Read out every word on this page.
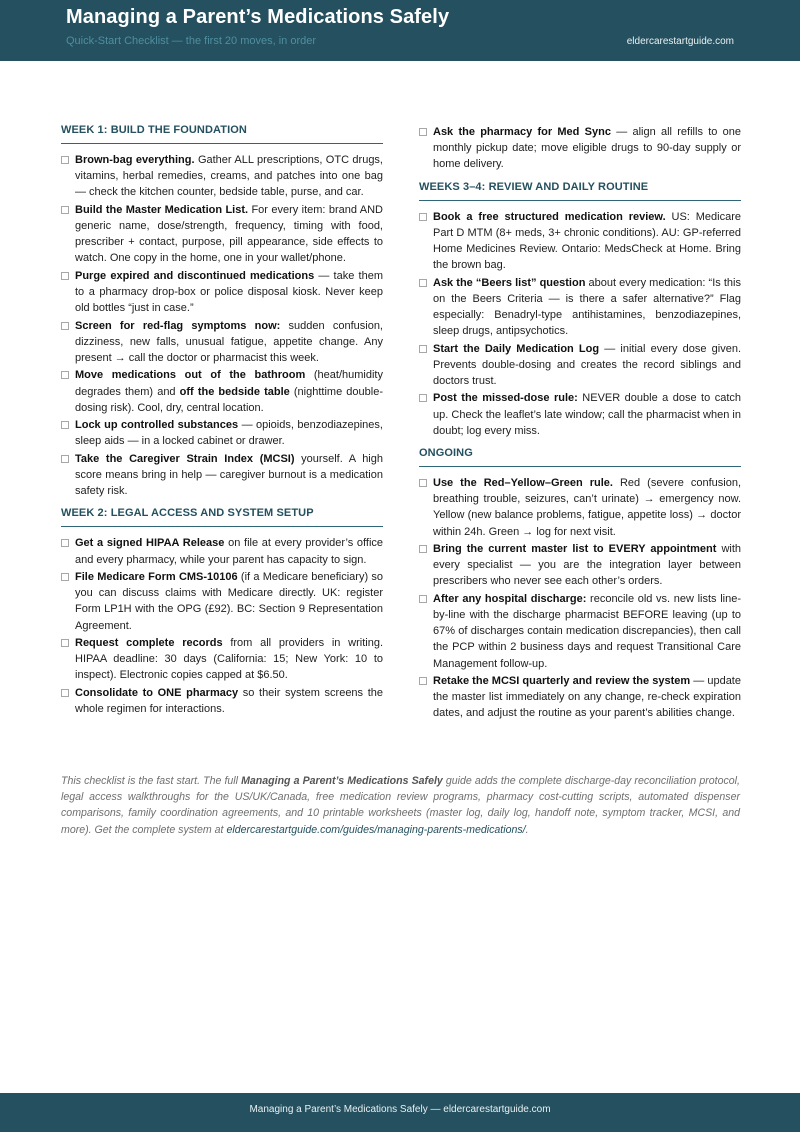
Managing a Parent’s Medications Safely
Quick-Start Checklist — the first 20 moves, in order	eldercarestartguide.com
WEEK 1: BUILD THE FOUNDATION
Brown-bag everything. Gather ALL prescriptions, OTC drugs, vitamins, herbal remedies, creams, and patches into one bag — check the kitchen counter, bedside table, purse, and car.
Build the Master Medication List. For every item: brand AND generic name, dose/strength, frequency, timing with food, prescriber + contact, purpose, pill appearance, side effects to watch. One copy in the home, one in your wallet/phone.
Purge expired and discontinued medications — take them to a pharmacy drop-box or police disposal kiosk. Never keep old bottles “just in case.”
Screen for red-flag symptoms now: sudden confusion, dizziness, new falls, unusual fatigue, appetite change. Any present → call the doctor or pharmacist this week.
Move medications out of the bathroom (heat/humidity degrades them) and off the bedside table (nighttime double-dosing risk). Cool, dry, central location.
Lock up controlled substances — opioids, benzodiazepines, sleep aids — in a locked cabinet or drawer.
Take the Caregiver Strain Index (MCSI) yourself. A high score means bring in help — caregiver burnout is a medication safety risk.
WEEK 2: LEGAL ACCESS AND SYSTEM SETUP
Get a signed HIPAA Release on file at every provider’s office and every pharmacy, while your parent has capacity to sign.
File Medicare Form CMS-10106 (if a Medicare beneficiary) so you can discuss claims with Medicare directly. UK: register Form LP1H with the OPG (£92). BC: Section 9 Representation Agreement.
Request complete records from all providers in writing. HIPAA deadline: 30 days (California: 15; New York: 10 to inspect). Electronic copies capped at $6.50.
Consolidate to ONE pharmacy so their system screens the whole regimen for interactions.
Ask the pharmacy for Med Sync — align all refills to one monthly pickup date; move eligible drugs to 90-day supply or home delivery.
WEEKS 3–4: REVIEW AND DAILY ROUTINE
Book a free structured medication review. US: Medicare Part D MTM (8+ meds, 3+ chronic conditions). AU: GP-referred Home Medicines Review. Ontario: MedsCheck at Home. Bring the brown bag.
Ask the “Beers list” question about every medication: “Is this on the Beers Criteria — is there a safer alternative?” Flag especially: Benadryl-type antihistamines, benzodiazepines, sleep drugs, antipsychotics.
Start the Daily Medication Log — initial every dose given. Prevents double-dosing and creates the record siblings and doctors trust.
Post the missed-dose rule: NEVER double a dose to catch up. Check the leaflet’s late window; call the pharmacist when in doubt; log every miss.
ONGOING
Use the Red–Yellow–Green rule. Red (severe confusion, breathing trouble, seizures, can’t urinate) → emergency now. Yellow (new balance problems, fatigue, appetite loss) → doctor within 24h. Green → log for next visit.
Bring the current master list to EVERY appointment with every specialist — you are the integration layer between prescribers who never see each other’s orders.
After any hospital discharge: reconcile old vs. new lists line-by-line with the discharge pharmacist BEFORE leaving (up to 67% of discharges contain medication discrepancies), then call the PCP within 2 business days and request Transitional Care Management follow-up.
Retake the MCSI quarterly and review the system — update the master list immediately on any change, re-check expiration dates, and adjust the routine as your parent’s abilities change.
This checklist is the fast start. The full Managing a Parent’s Medications Safely guide adds the complete discharge-day reconciliation protocol, legal access walkthroughs for the US/UK/Canada, free medication review programs, pharmacy cost-cutting scripts, automated dispenser comparisons, family coordination agreements, and 10 printable worksheets (master log, daily log, handoff note, symptom tracker, MCSI, and more). Get the complete system at eldercarestartguide.com/guides/managing-parents-medications/.
Managing a Parent’s Medications Safely — eldercarestartguide.com
